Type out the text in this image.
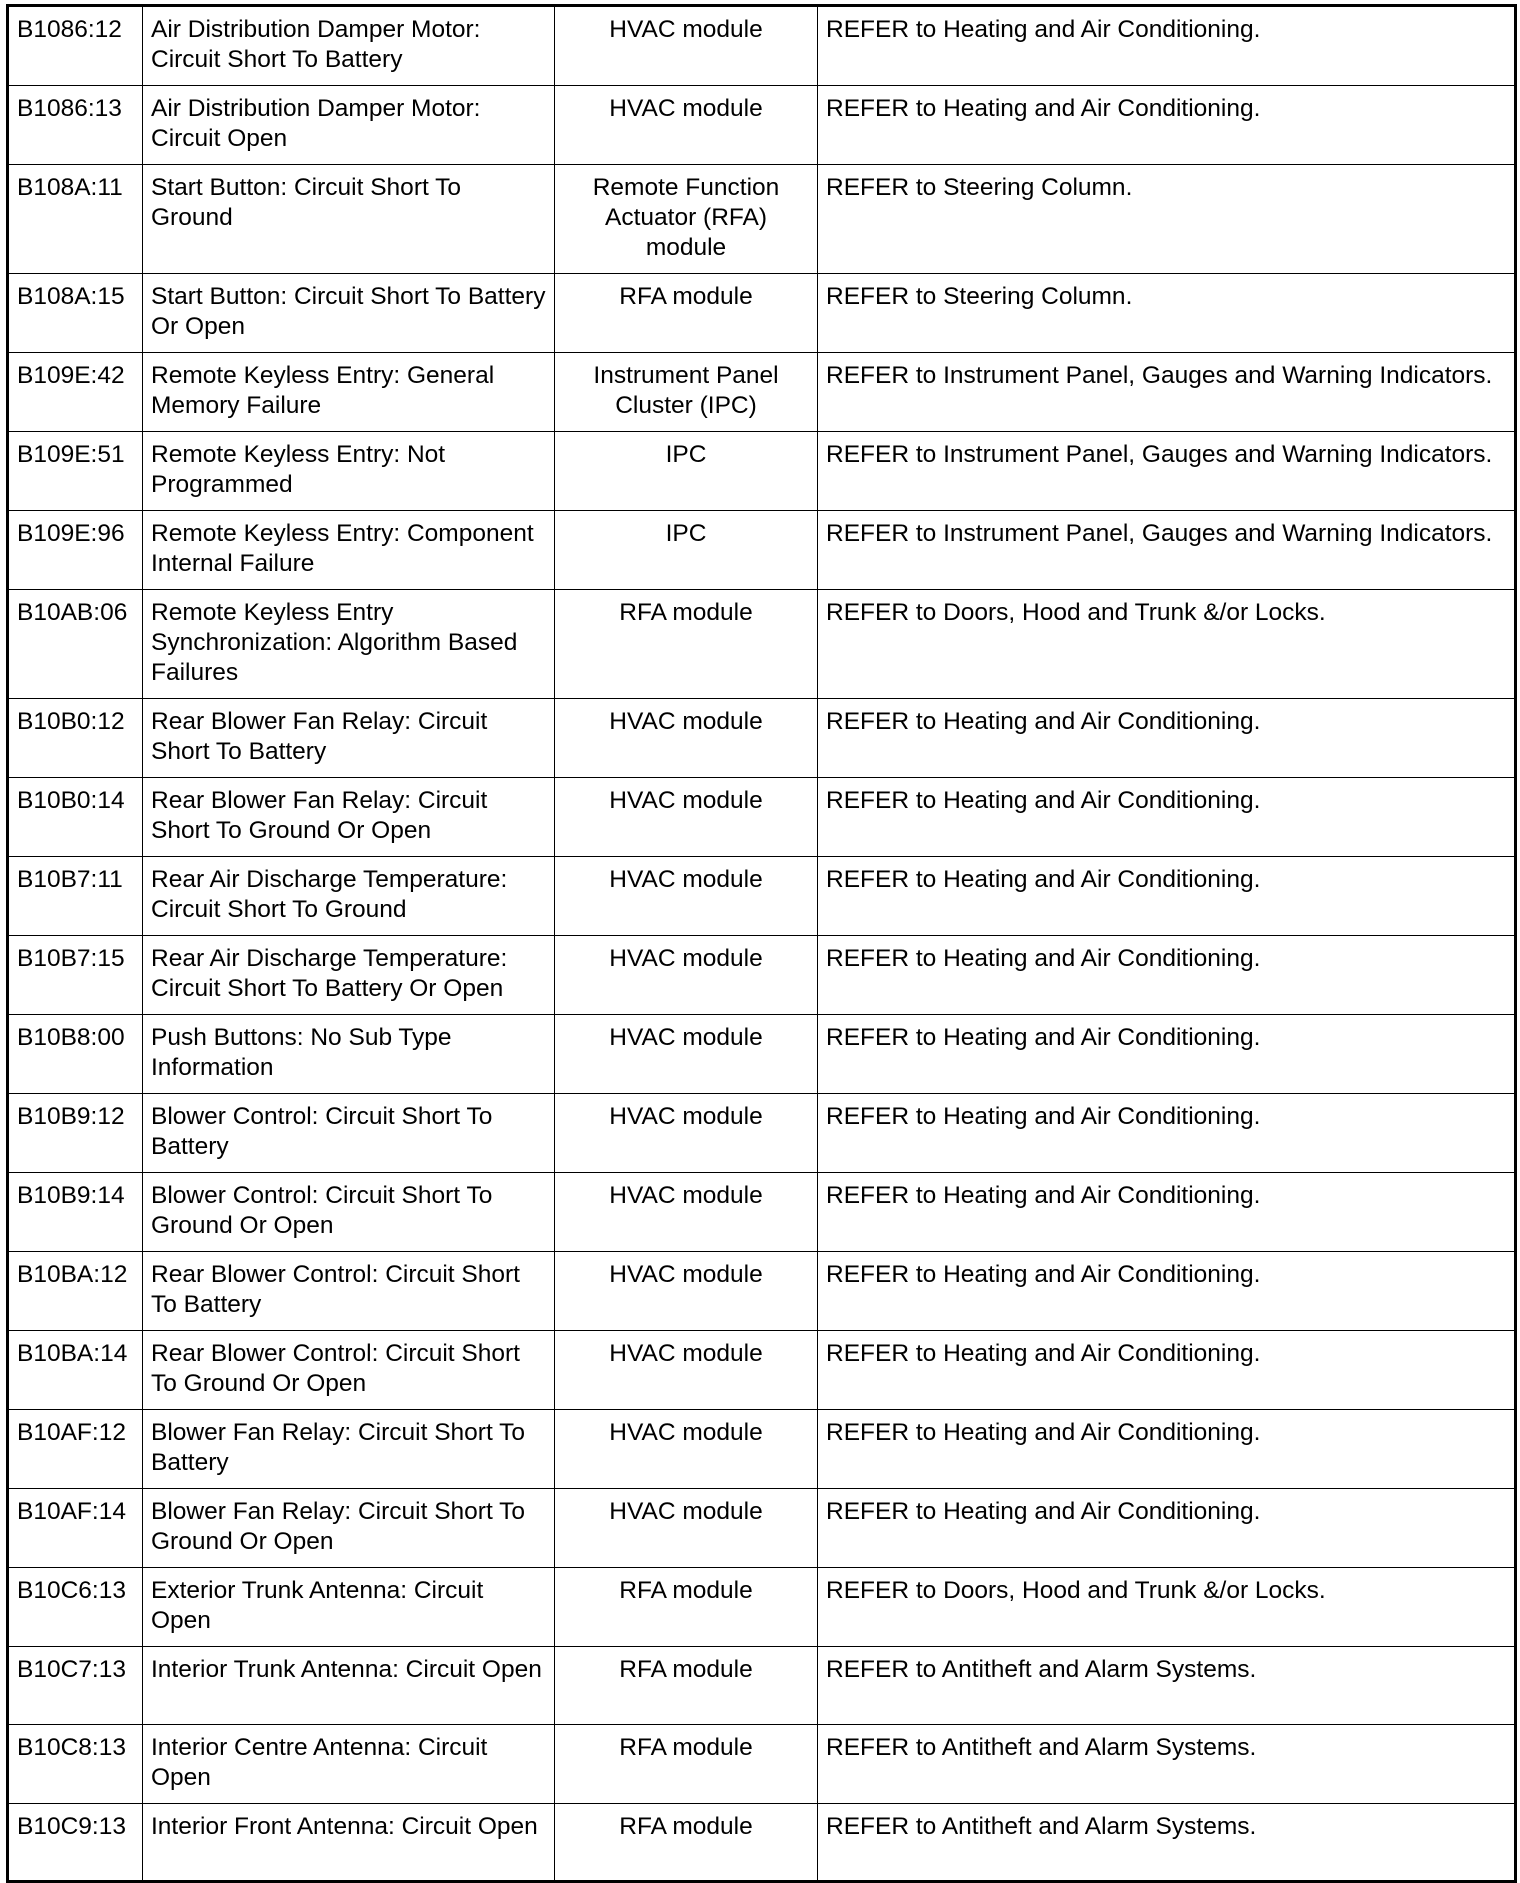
B1086:12	Air Distribution Damper Motor: Circuit Short To Battery	HVAC module	REFER to Heating and Air Conditioning.
B1086:13	Air Distribution Damper Motor: Circuit Open	HVAC module	REFER to Heating and Air Conditioning.
B108A:11	Start Button: Circuit Short To Ground	Remote Function Actuator (RFA) module	REFER to Steering Column.
B108A:15	Start Button: Circuit Short To Battery Or Open	RFA module	REFER to Steering Column.
B109E:42	Remote Keyless Entry: General Memory Failure	Instrument Panel Cluster (IPC)	REFER to Instrument Panel, Gauges and Warning Indicators.
B109E:51	Remote Keyless Entry: Not Programmed	IPC	REFER to Instrument Panel, Gauges and Warning Indicators.
B109E:96	Remote Keyless Entry: Component Internal Failure	IPC	REFER to Instrument Panel, Gauges and Warning Indicators.
B10AB:06	Remote Keyless Entry Synchronization: Algorithm Based Failures	RFA module	REFER to Doors, Hood and Trunk &/or Locks.
B10B0:12	Rear Blower Fan Relay: Circuit Short To Battery	HVAC module	REFER to Heating and Air Conditioning.
B10B0:14	Rear Blower Fan Relay: Circuit Short To Ground Or Open	HVAC module	REFER to Heating and Air Conditioning.
B10B7:11	Rear Air Discharge Temperature: Circuit Short To Ground	HVAC module	REFER to Heating and Air Conditioning.
B10B7:15	Rear Air Discharge Temperature: Circuit Short To Battery Or Open	HVAC module	REFER to Heating and Air Conditioning.
B10B8:00	Push Buttons: No Sub Type Information	HVAC module	REFER to Heating and Air Conditioning.
B10B9:12	Blower Control: Circuit Short To Battery	HVAC module	REFER to Heating and Air Conditioning.
B10B9:14	Blower Control: Circuit Short To Ground Or Open	HVAC module	REFER to Heating and Air Conditioning.
B10BA:12	Rear Blower Control: Circuit Short To Battery	HVAC module	REFER to Heating and Air Conditioning.
B10BA:14	Rear Blower Control: Circuit Short To Ground Or Open	HVAC module	REFER to Heating and Air Conditioning.
B10AF:12	Blower Fan Relay: Circuit Short To Battery	HVAC module	REFER to Heating and Air Conditioning.
B10AF:14	Blower Fan Relay: Circuit Short To Ground Or Open	HVAC module	REFER to Heating and Air Conditioning.
B10C6:13	Exterior Trunk Antenna: Circuit Open	RFA module	REFER to Doors, Hood and Trunk &/or Locks.
B10C7:13	Interior Trunk Antenna: Circuit Open	RFA module	REFER to Antitheft and Alarm Systems.
B10C8:13	Interior Centre Antenna: Circuit Open	RFA module	REFER to Antitheft and Alarm Systems.
B10C9:13	Interior Front Antenna: Circuit Open	RFA module	REFER to Antitheft and Alarm Systems.
